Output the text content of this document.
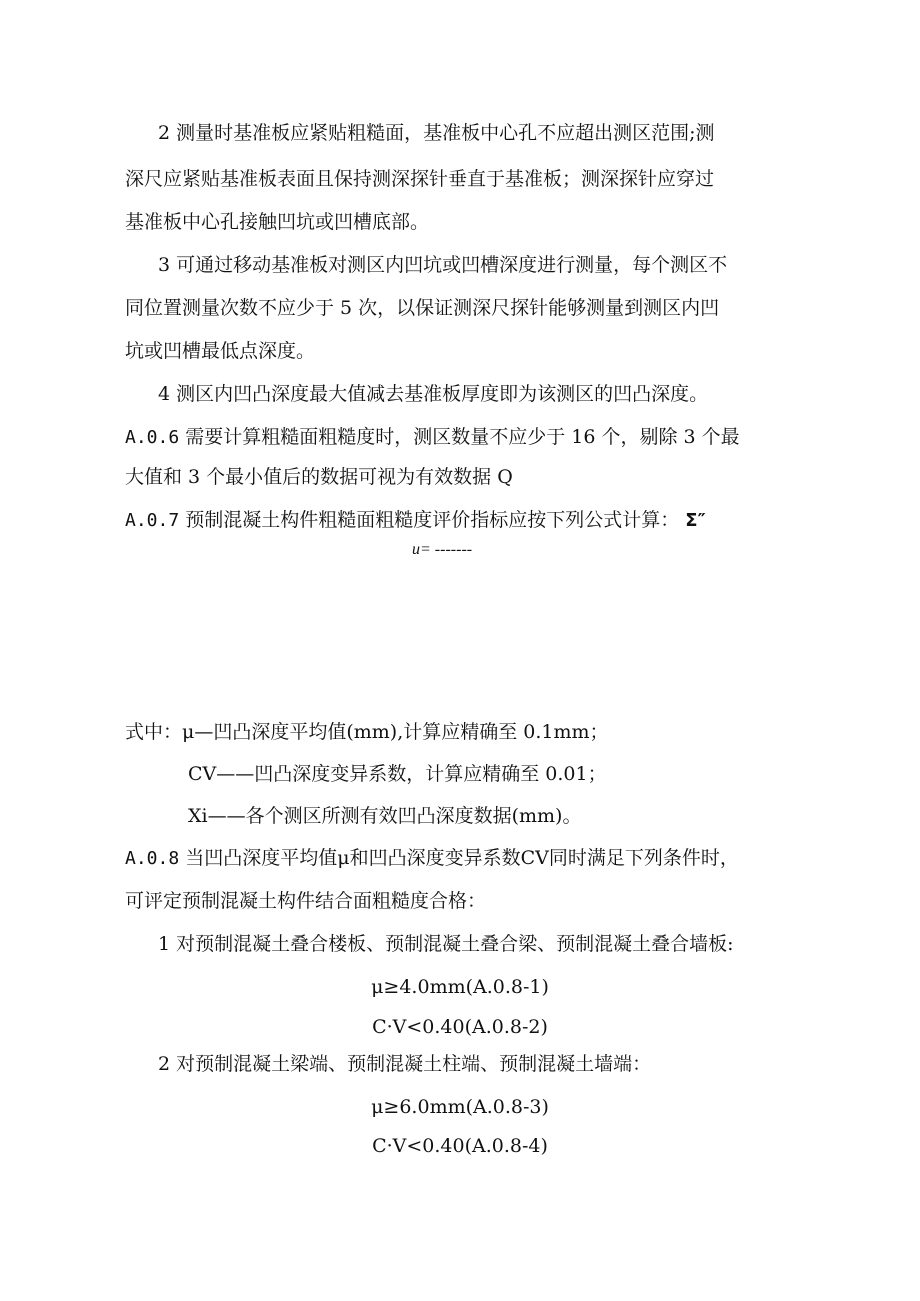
2 测量时基准板应紧贴粗糙面，基准板中心孔不应超出测区范围;测
深尺应紧贴基准板表面且保持测深探针垂直于基准板；测深探针应穿过
基准板中心孔接触凹坑或凹槽底部。
3 可通过移动基准板对测区内凹坑或凹槽深度进行测量，每个测区不
同位置测量次数不应少于 5 次，以保证测深尺探针能够测量到测区内凹
坑或凹槽最低点深度。
4 测区内凹凸深度最大值减去基准板厚度即为该测区的凹凸深度。
A.0.6 需要计算粗糙面粗糙度时，测区数量不应少于 16 个，剔除 3 个最
大值和 3 个最小值后的数据可视为有效数据 Q
A.0.7 预制混凝土构件粗糙面粗糙度评价指标应按下列公式计算： Σ″
u= -------
式中：μ—凹凸深度平均值(mm),计算应精确至 0.1mm；
CV——凹凸深度变异系数，计算应精确至 0.01；
Xi——各个测区所测有效凹凸深度数据(mm)。
A.0.8 当凹凸深度平均值μ和凹凸深度变异系数CV同时满足下列条件时，
可评定预制混凝土构件结合面粗糙度合格：
1 对预制混凝土叠合楼板、预制混凝土叠合梁、预制混凝土叠合墙板:
μ≥4.0mm(A.0.8-1)
C·V<0.40(A.0.8-2)
2 对预制混凝土梁端、预制混凝土柱端、预制混凝土墙端：
μ≥6.0mm(A.0.8-3)
C·V<0.40(A.0.8-4)
